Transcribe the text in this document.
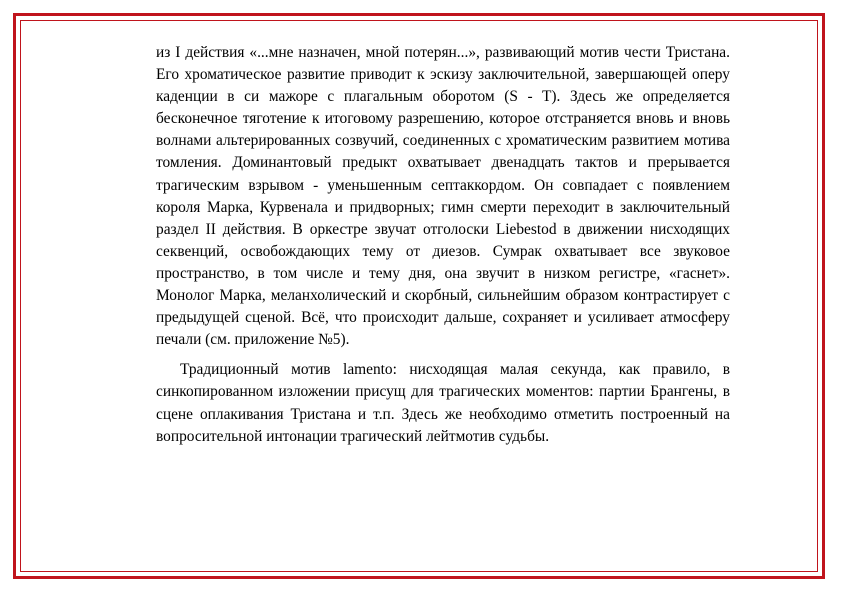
из I действия «...мне назначен, мной потерян...», развивающий мотив чести Тристана. Его хроматическое развитие приводит к эскизу заключительной, завершающей оперу каденции в си мажоре с плагальным оборотом (S - T). Здесь же определяется бесконечное тяготение к итоговому разрешению, которое отстраняется вновь и вновь волнами альтерированных созвучий, соединенных с хроматическим развитием мотива томления. Доминантовый предыкт охватывает двенадцать тактов и прерывается трагическим взрывом - уменьшенным септаккордом. Он совпадает с появлением короля Марка, Курвенала и придворных; гимн смерти переходит в заключительный раздел II действия. В оркестре звучат отголоски Liebestod в движении нисходящих секвенций, освобождающих тему от диезов. Сумрак охватывает все звуковое пространство, в том числе и тему дня, она звучит в низком регистре, «гаснет». Монолог Марка, меланхолический и скорбный, сильнейшим образом контрастирует с предыдущей сценой. Всё, что происходит дальше, сохраняет и усиливает атмосферу печали (см. приложение №5).

Традиционный мотив lamento: нисходящая малая секунда, как правило, в синкопированном изложении присущ для трагических моментов: партии Брангены, в сцене оплакивания Тристана и т.п. Здесь же необходимо отметить построенный на вопросительной интонации трагический лейтмотив судьбы.
